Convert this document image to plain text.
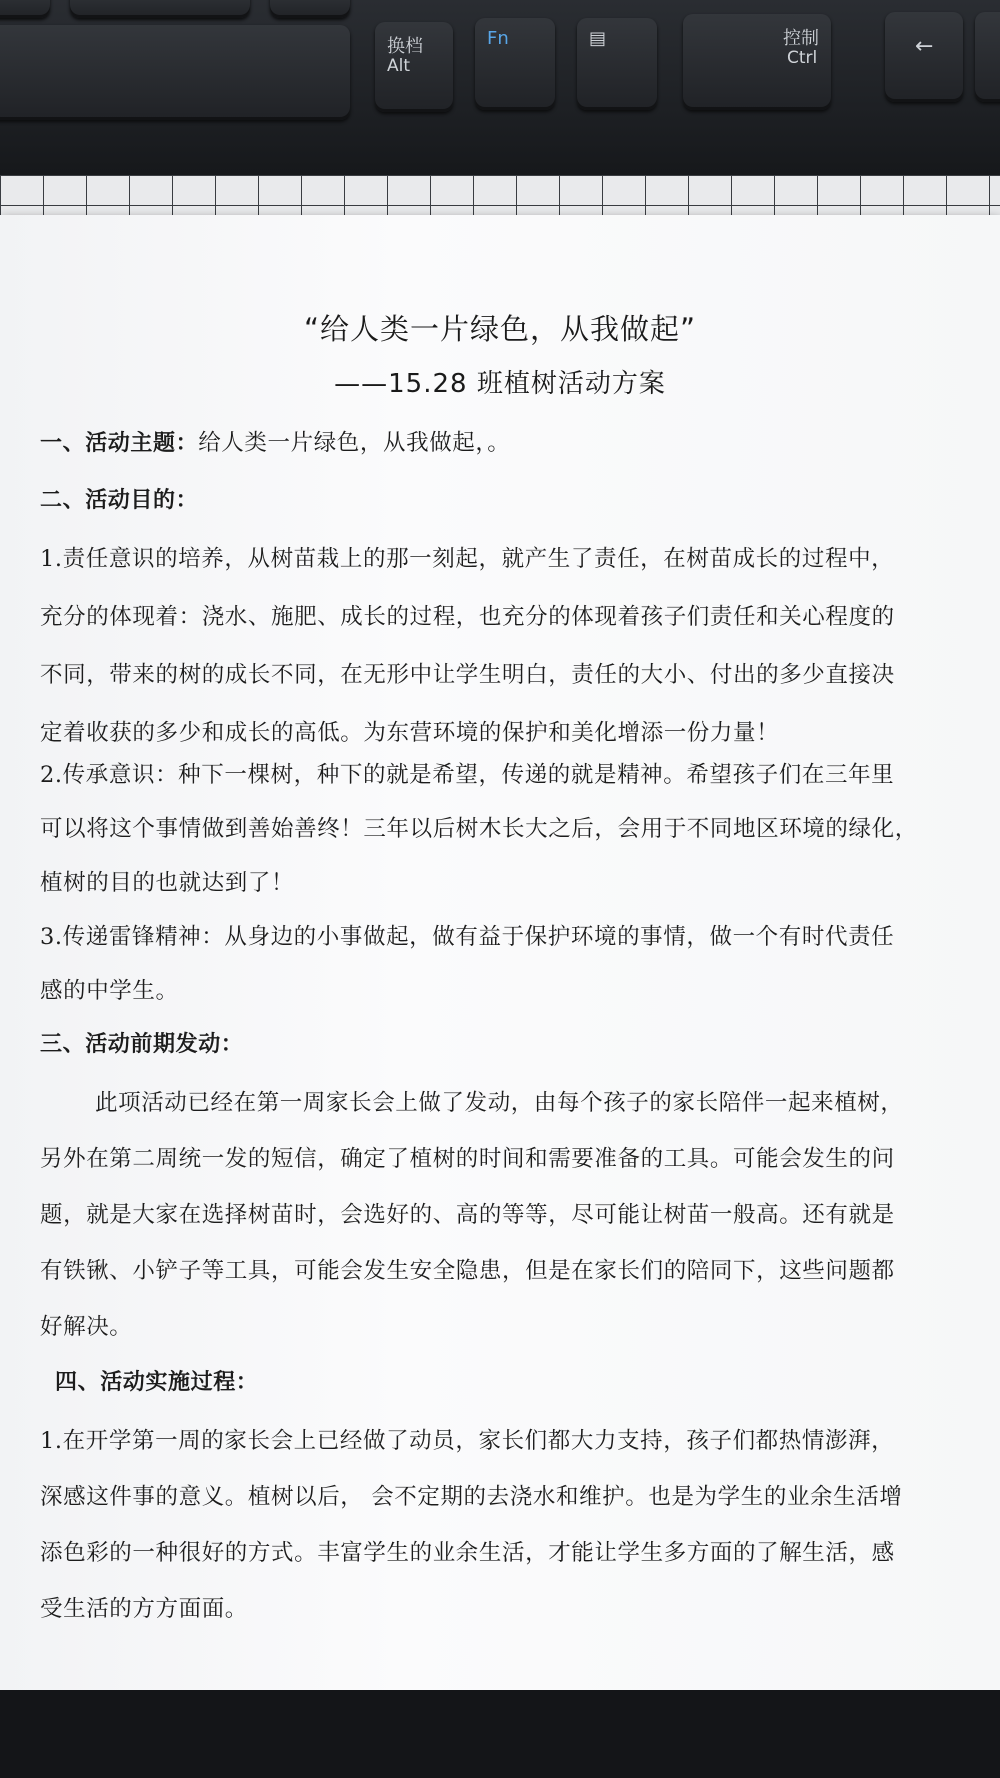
换档
Alt
Fn	▤	控制
Ctrl	←
“给人类一片绿色，从我做起”
——15.28 班植树活动方案
一、活动主题：给人类一片绿色，从我做起，。
二、活动目的：
1.责任意识的培养，从树苗栽上的那一刻起，就产生了责任，在树苗成长的过程中，
充分的体现着：浇水、施肥、成长的过程，也充分的体现着孩子们责任和关心程度的
不同，带来的树的成长不同，在无形中让学生明白，责任的大小、付出的多少直接决
定着收获的多少和成长的高低。为东营环境的保护和美化增添一份力量！
2.传承意识：种下一棵树，种下的就是希望，传递的就是精神。希望孩子们在三年里
可以将这个事情做到善始善终！三年以后树木长大之后，会用于不同地区环境的绿化，
植树的目的也就达到了！
3.传递雷锋精神：从身边的小事做起，做有益于保护环境的事情，做一个有时代责任
感的中学生。
三、活动前期发动：
此项活动已经在第一周家长会上做了发动，由每个孩子的家长陪伴一起来植树，
另外在第二周统一发的短信，确定了植树的时间和需要准备的工具。可能会发生的问
题，就是大家在选择树苗时，会选好的、高的等等，尽可能让树苗一般高。还有就是
有铁锹、小铲子等工具，可能会发生安全隐患，但是在家长们的陪同下，这些问题都
好解决。
四、活动实施过程：
1.在开学第一周的家长会上已经做了动员，家长们都大力支持，孩子们都热情澎湃，
深感这件事的意义。植树以后， 会不定期的去浇水和维护。也是为学生的业余生活增
添色彩的一种很好的方式。丰富学生的业余生活，才能让学生多方面的了解生活，感
受生活的方方面面。
